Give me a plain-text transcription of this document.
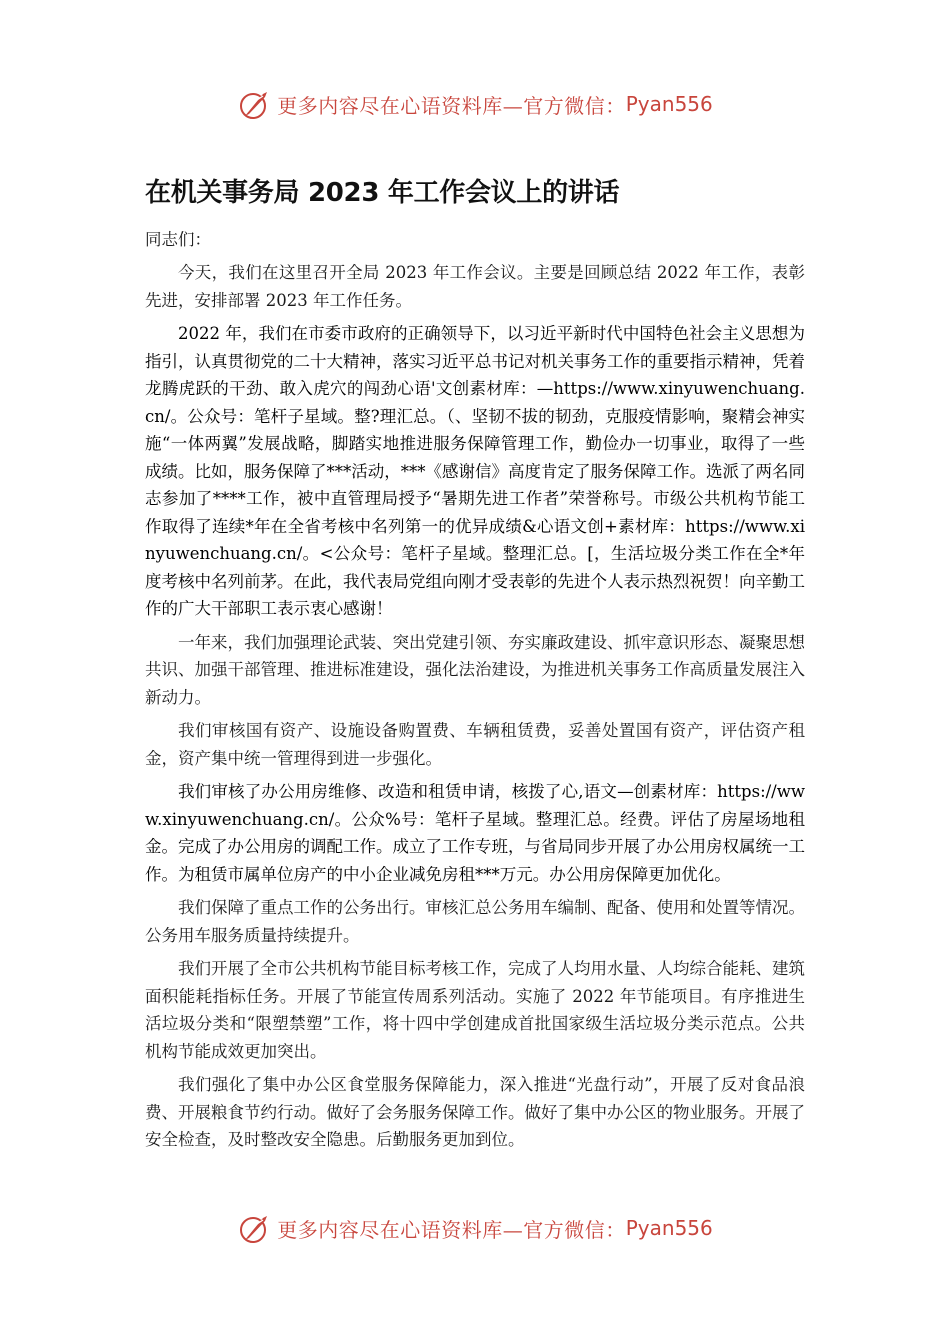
更多内容尽在心语资料库—官方微信： Pyan556
在机关事务局 2023 年工作会议上的讲话

同志们：

今天，我们在这里召开全局 2023 年工作会议。主要是回顾总结 2022 年工作，表彰先进，安排部署 2023 年工作任务。

2022 年，我们在市委市政府的正确领导下，以习近平新时代中国特色社会主义思想为指引，认真贯彻党的二十大精神，落实习近平总书记对机关事务工作的重要指示精神，凭着龙腾虎跃的干劲、敢入虎穴的闯劲心语'文创素材库：—https://www.xinyuwenchuang.cn/。公众号：笔杆子星域。整?理汇总。（、坚韧不拔的韧劲，克服疫情影响，聚精会神实施“一体两翼”发展战略，脚踏实地推进服务保障管理工作，勤俭办一切事业，取得了一些成绩。比如，服务保障了***活动，***《感谢信》高度肯定了服务保障工作。选派了两名同志参加了****工作，被中直管理局授予“暑期先进工作者”荣誉称号。市级公共机构节能工作取得了连续*年在全省考核中名列第一的优异成绩&心语文创+素材库：https://www.xinyuwenchuang.cn/。<公众号：笔杆子星域。整理汇总。[，生活垃圾分类工作在全*年度考核中名列前茅。在此，我代表局党组向刚才受表彰的先进个人表示热烈祝贺！向辛勤工作的广大干部职工表示衷心感谢！

一年来，我们加强理论武装、突出党建引领、夯实廉政建设、抓牢意识形态、凝聚思想共识、加强干部管理、推进标准建设，强化法治建设，为推进机关事务工作高质量发展注入新动力。

我们审核国有资产、设施设备购置费、车辆租赁费，妥善处置国有资产，评估资产租金，资产集中统一管理得到进一步强化。

我们审核了办公用房维修、改造和租赁申请，核拨了心,语文—创素材库：https://www.xinyuwenchuang.cn/。公众%号：笔杆子星域。整理汇总。经费。评估了房屋场地租金。完成了办公用房的调配工作。成立了工作专班，与省局同步开展了办公用房权属统一工作。为租赁市属单位房产的中小企业减免房租***万元。办公用房保障更加优化。

我们保障了重点工作的公务出行。审核汇总公务用车编制、配备、使用和处置等情况。公务用车服务质量持续提升。

我们开展了全市公共机构节能目标考核工作，完成了人均用水量、人均综合能耗、建筑面积能耗指标任务。开展了节能宣传周系列活动。实施了 2022 年节能项目。有序推进生活垃圾分类和“限塑禁塑”工作，将十四中学创建成首批国家级生活垃圾分类示范点。公共机构节能成效更加突出。

我们强化了集中办公区食堂服务保障能力，深入推进“光盘行动”，开展了反对食品浪费、开展粮食节约行动。做好了会务服务保障工作。做好了集中办公区的物业服务。开展了安全检查，及时整改安全隐患。后勤服务更加到位。

更多内容尽在心语资料库—官方微信： Pyan556
